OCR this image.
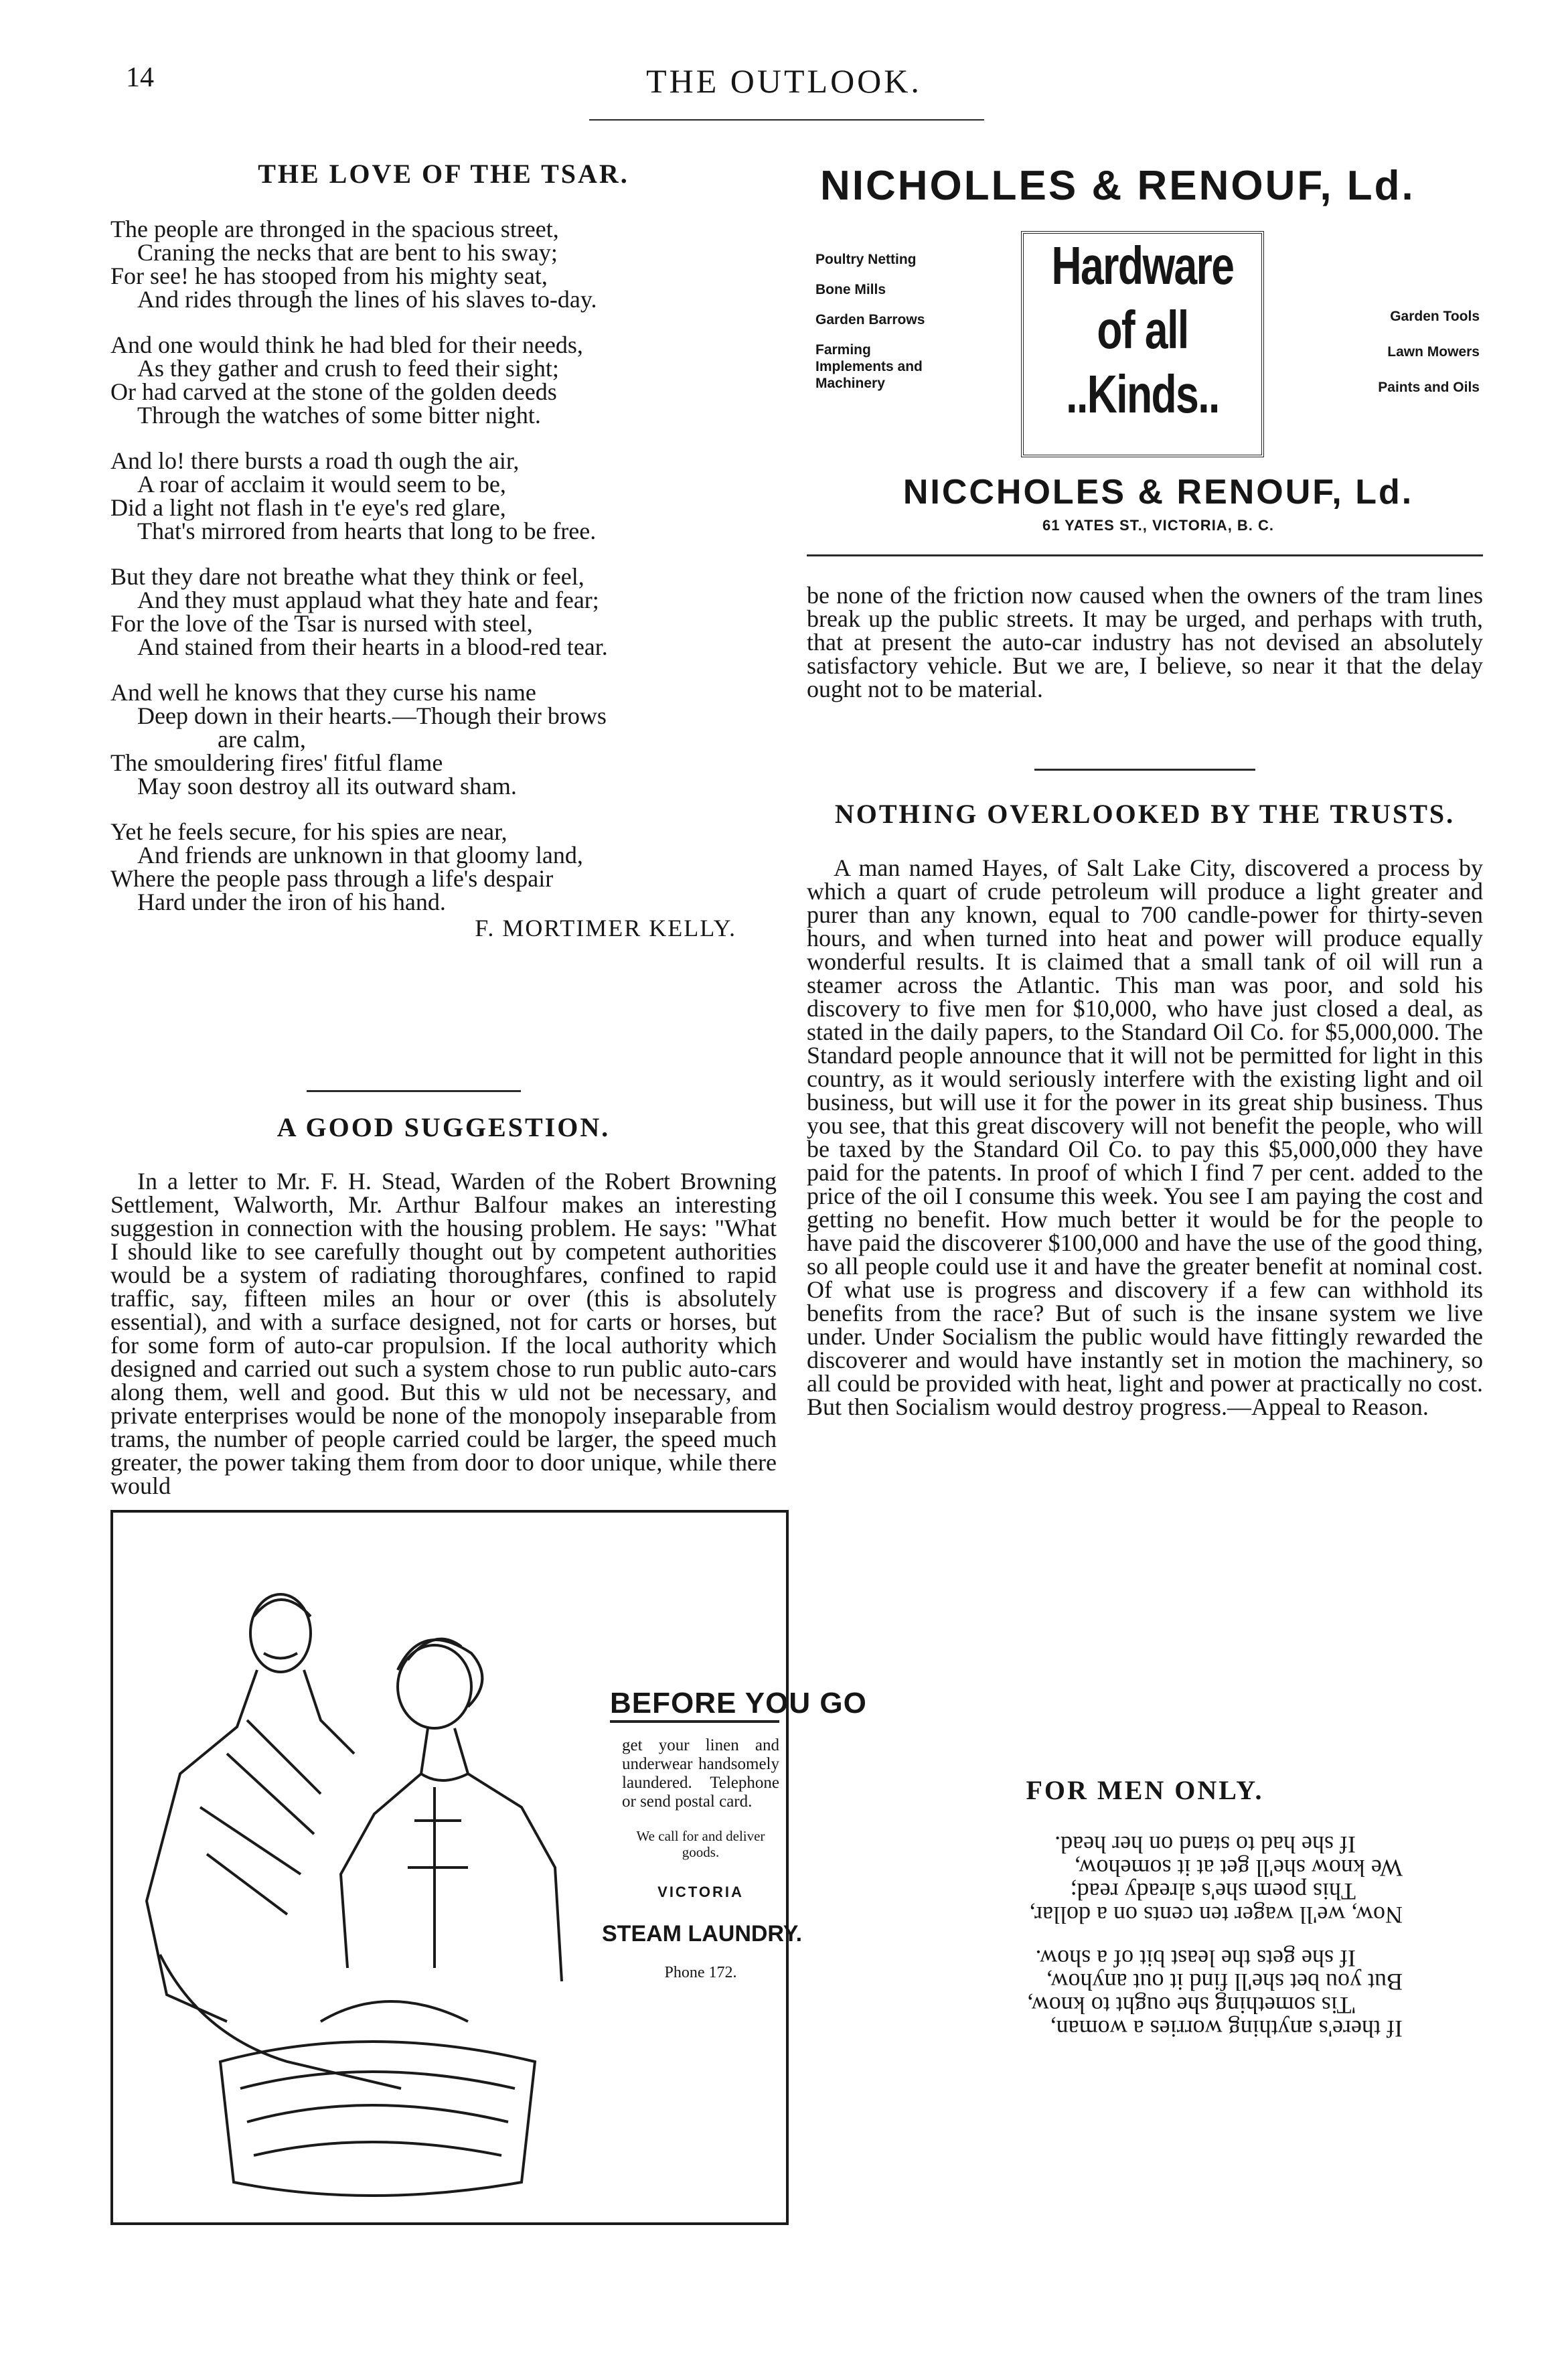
14	THE OUTLOOK.
THE LOVE OF THE TSAR.

The people are thronged in the spacious street,

Craning the necks that are bent to his sway;

For see! he has stooped from his mighty seat,

And rides through the lines of his slaves to-day.

And one would think he had bled for their needs,

As they gather and crush to feed their sight;

Or had carved at the stone of the golden deeds

Through the watches of some bitter night.

And lo! there bursts a road th ough the air,

A roar of acclaim it would seem to be,

Did a light not flash in t'e eye's red glare,

That's mirrored from hearts that long to be free.

But they dare not breathe what they think or feel,

And they must applaud what they hate and fear;

For the love of the Tsar is nursed with steel,

And stained from their hearts in a blood-red tear.

And well he knows that they curse his name

Deep down in their hearts.—Though their brows

are calm,

The smouldering fires' fitful flame

May soon destroy all its outward sham.

Yet he feels secure, for his spies are near,

And friends are unknown in that gloomy land,

Where the people pass through a life's despair

Hard under the iron of his hand.

F. MORTIMER KELLY.

A GOOD SUGGESTION.

In a letter to Mr. F. H. Stead, Warden of the Robert Browning Settlement, Walworth, Mr. Arthur Balfour makes an interesting suggestion in connection with the housing problem. He says: "What I should like to see carefully thought out by competent authorities would be a system of radiating thoroughfares, confined to rapid traffic, say, fifteen miles an hour or over (this is absolutely essential), and with a surface designed, not for carts or horses, but for some form of auto-car propulsion. If the local authority which designed and carried out such a system chose to run public auto-cars along them, well and good. But this w uld not be necessary, and private enterprises would be none of the monopoly inseparable from trams, the number of people carried could be larger, the speed much greater, the power taking them from door to door unique, while there would

BEFORE YOU GO
get your linen and underwear handsomely laundered. Telephone or send postal card.
We call for and deliver goods.
VICTORIA
STEAM LAUNDRY.
Phone 172.
NICHOLLES & RENOUF, Ld.
Poultry Netting
Bone Mills
Garden Barrows
Farming Implements and Machinery
Hardware
of all
..Kinds..
Garden Tools
Lawn Mowers
Paints and Oils
NICCHOLES & RENOUF, Ld.
61 YATES ST., VICTORIA, B. C.

be none of the friction now caused when the owners of the tram lines break up the public streets. It may be urged, and perhaps with truth, that at present the auto-car industry has not devised an absolutely satisfactory vehicle. But we are, I believe, so near it that the delay ought not to be material.

NOTHING OVERLOOKED BY THE TRUSTS.

A man named Hayes, of Salt Lake City, discovered a process by which a quart of crude petroleum will produce a light greater and purer than any known, equal to 700 candle-power for thirty-seven hours, and when turned into heat and power will produce equally wonderful results. It is claimed that a small tank of oil will run a steamer across the Atlantic. This man was poor, and sold his discovery to five men for $10,000, who have just closed a deal, as stated in the daily papers, to the Standard Oil Co. for $5,000,000. The Standard people announce that it will not be permitted for light in this country, as it would seriously interfere with the existing light and oil business, but will use it for the power in its great ship business. Thus you see, that this great discovery will not benefit the people, who will be taxed by the Standard Oil Co. to pay this $5,000,000 they have paid for the patents. In proof of which I find 7 per cent. added to the price of the oil I consume this week. You see I am paying the cost and getting no benefit. How much better it would be for the people to have paid the discoverer $100,000 and have the use of the good thing, so all people could use it and have the greater benefit at nominal cost. Of what use is progress and discovery if a few can withhold its benefits from the race? But of such is the insane system we live under. Under Socialism the public would have fittingly rewarded the discoverer and would have instantly set in motion the machinery, so all could be provided with heat, light and power at practically no cost. But then Socialism would destroy progress.—Appeal to Reason.

FOR MEN ONLY.

If there's anything worries a woman,

'Tis something she ought to know,

But you bet she'll find it out anyhow,

If she gets the least bit of a show.

Now, we'll wager ten cents on a dollar,

This poem she's already read;

We know she'll get at it somehow,

If she had to stand on her head.
